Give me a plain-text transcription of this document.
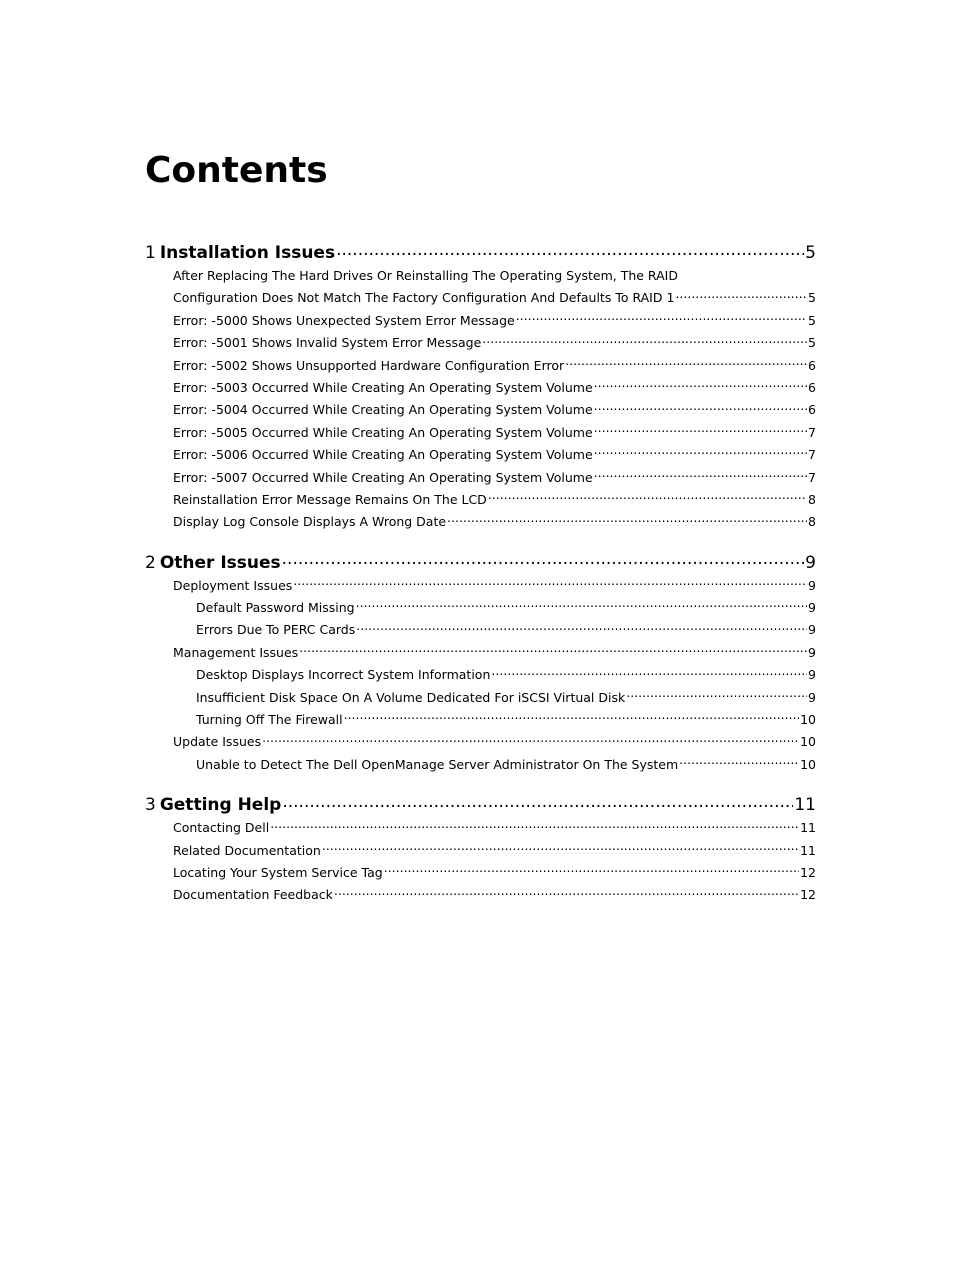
Contents
1 Installation Issues .....	5
After Replacing The Hard Drives Or Reinstalling The Operating System, The RAID
Configuration Does Not Match The Factory Configuration And Defaults To RAID 1 .....	5
Error: -5000 Shows Unexpected System Error Message .....	5
Error: -5001 Shows Invalid System Error Message .....	5
Error: -5002 Shows Unsupported Hardware Configuration Error .....	6
Error: -5003 Occurred While Creating An Operating System Volume .....	6
Error: -5004 Occurred While Creating An Operating System Volume .....	6
Error: -5005 Occurred While Creating An Operating System Volume .....	7
Error: -5006 Occurred While Creating An Operating System Volume .....	7
Error: -5007 Occurred While Creating An Operating System Volume .....	7
Reinstallation Error Message Remains On The LCD .....	8
Display Log Console Displays A Wrong Date .....	8
2 Other Issues .....	9
Deployment Issues .....	9
Default Password Missing .....	9
Errors Due To PERC Cards .....	9
Management Issues .....	9
Desktop Displays Incorrect System Information .....	9
Insufficient Disk Space On A Volume Dedicated For iSCSI Virtual Disk .....	9
Turning Off The Firewall .....	10
Update Issues .....	10
Unable to Detect The Dell OpenManage Server Administrator On The System .....	10
3 Getting Help .....	11
Contacting Dell .....	11
Related Documentation .....	11
Locating Your System Service Tag .....	12
Documentation Feedback .....	12
